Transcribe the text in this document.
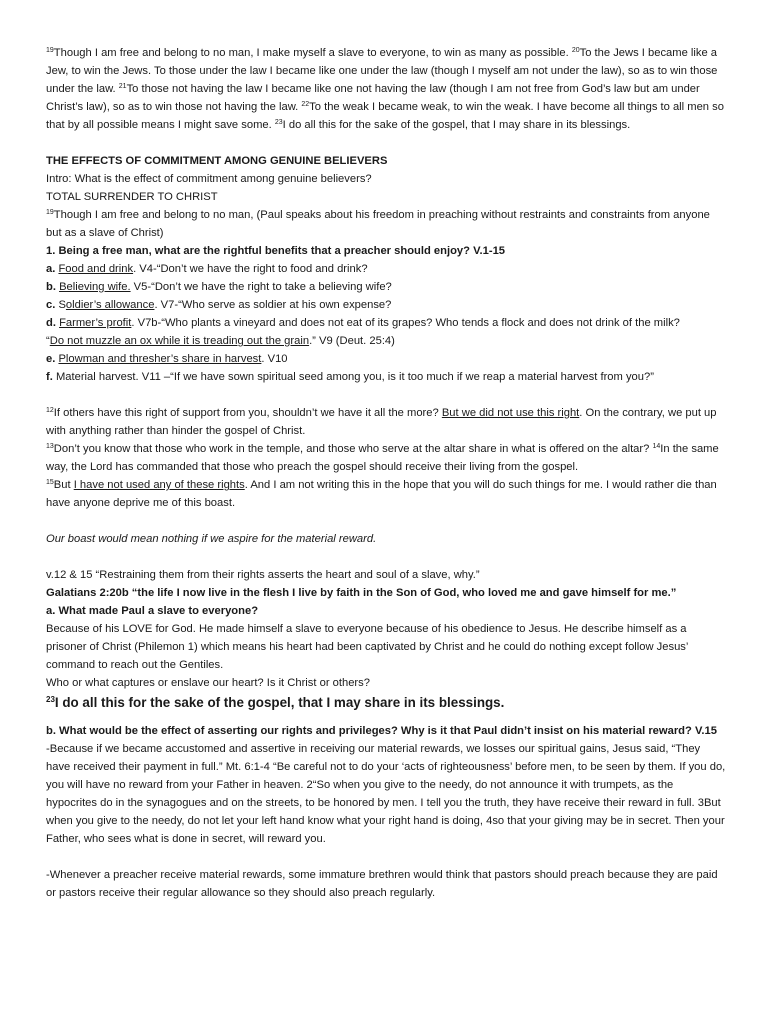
$^{19}$Though I am free and belong to no man, I make myself a slave to everyone, to win as many as possible. $^{20}$To the Jews I became like a Jew, to win the Jews. To those under the law I became like one under the law (though I myself am not under the law), so as to win those under the law. $^{21}$To those not having the law I became like one not having the law (though I am not free from God’s law but am under Christ’s law), so as to win those not having the law. $^{22}$To the weak I became weak, to win the weak. I have become all things to all men so that by all possible means I might save some. $^{23}$I do all this for the sake of the gospel, that I may share in its blessings.

THE EFFECTS OF COMMITMENT AMONG GENUINE BELIEVERS

Intro: What is the effect of commitment among genuine believers?

TOTAL SURRENDER TO CHRIST

$^{19}$Though I am free and belong to no man, (Paul speaks about his freedom in preaching without restraints and constraints from anyone but as a slave of Christ)

1. Being a free man, what are the rightful benefits that a preacher should enjoy? V.1-15

a. Food and drink. V4-“Don’t we have the right to food and drink?

b. Believing wife. V5-“Don’t we have the right to take a believing wife?

c. Soldier’s allowance. V7-“Who serve as soldier at his own expense?

d. Farmer’s profit. V7b-“Who plants a vineyard and does not eat of its grapes? Who tends a flock and does not drink of the milk?

“Do not muzzle an ox while it is treading out the grain.” V9 (Deut. 25:4)

e. Plowman and thresher’s share in harvest. V10

f. Material harvest. V11 –“If we have sown spiritual seed among you, is it too much if we reap a material harvest from you?”

$^{12}$If others have this right of support from you, shouldn’t we have it all the more? But we did not use this right. On the contrary, we put up with anything rather than hinder the gospel of Christ.
$^{13}$Don’t you know that those who work in the temple, and those who serve at the altar share in what is offered on the altar? $^{14}$In the same way, the Lord has commanded that those who preach the gospel should receive their living from the gospel.
$^{15}$But I have not used any of these rights. And I am not writing this in the hope that you will do such things for me. I would rather die than have anyone deprive me of this boast.

Our boast would mean nothing if we aspire for the material reward.

v.12 & 15 “Restraining them from their rights asserts the heart and soul of a slave, why.”

Galatians 2:20b “the life I now live in the flesh I live by faith in the Son of God, who loved me and gave himself for me.”

a. What made Paul a slave to everyone?

Because of his LOVE for God. He made himself a slave to everyone because of his obedience to Jesus. He describe himself as a prisoner of Christ (Philemon 1) which means his heart had been captivated by Christ and he could do nothing except follow Jesus’ command to reach out the Gentiles.

Who or what captures or enslave our heart? Is it Christ or others?

$^{23}$I do all this for the sake of the gospel, that I may share in its blessings.

b. What would be the effect of asserting our rights and privileges? Why is it that Paul didn’t insist on his material reward? V.15

-Because if we became accustomed and assertive in receiving our material rewards, we losses our spiritual gains, Jesus said, “They have received their payment in full.” Mt. 6:1-4 “Be careful not to do your ‘acts of righteousness’ before men, to be seen by them. If you do, you will have no reward from your Father in heaven. 2“So when you give to the needy, do not announce it with trumpets, as the hypocrites do in the synagogues and on the streets, to be honored by men. I tell you the truth, they have receive their reward in full. 3But when you give to the needy, do not let your left hand know what your right hand is doing, 4so that your giving may be in secret. Then your Father, who sees what is done in secret, will reward you.

-Whenever a preacher receive material rewards, some immature brethren would think that pastors should preach because they are paid or pastors receive their regular allowance so they should also preach regularly.
